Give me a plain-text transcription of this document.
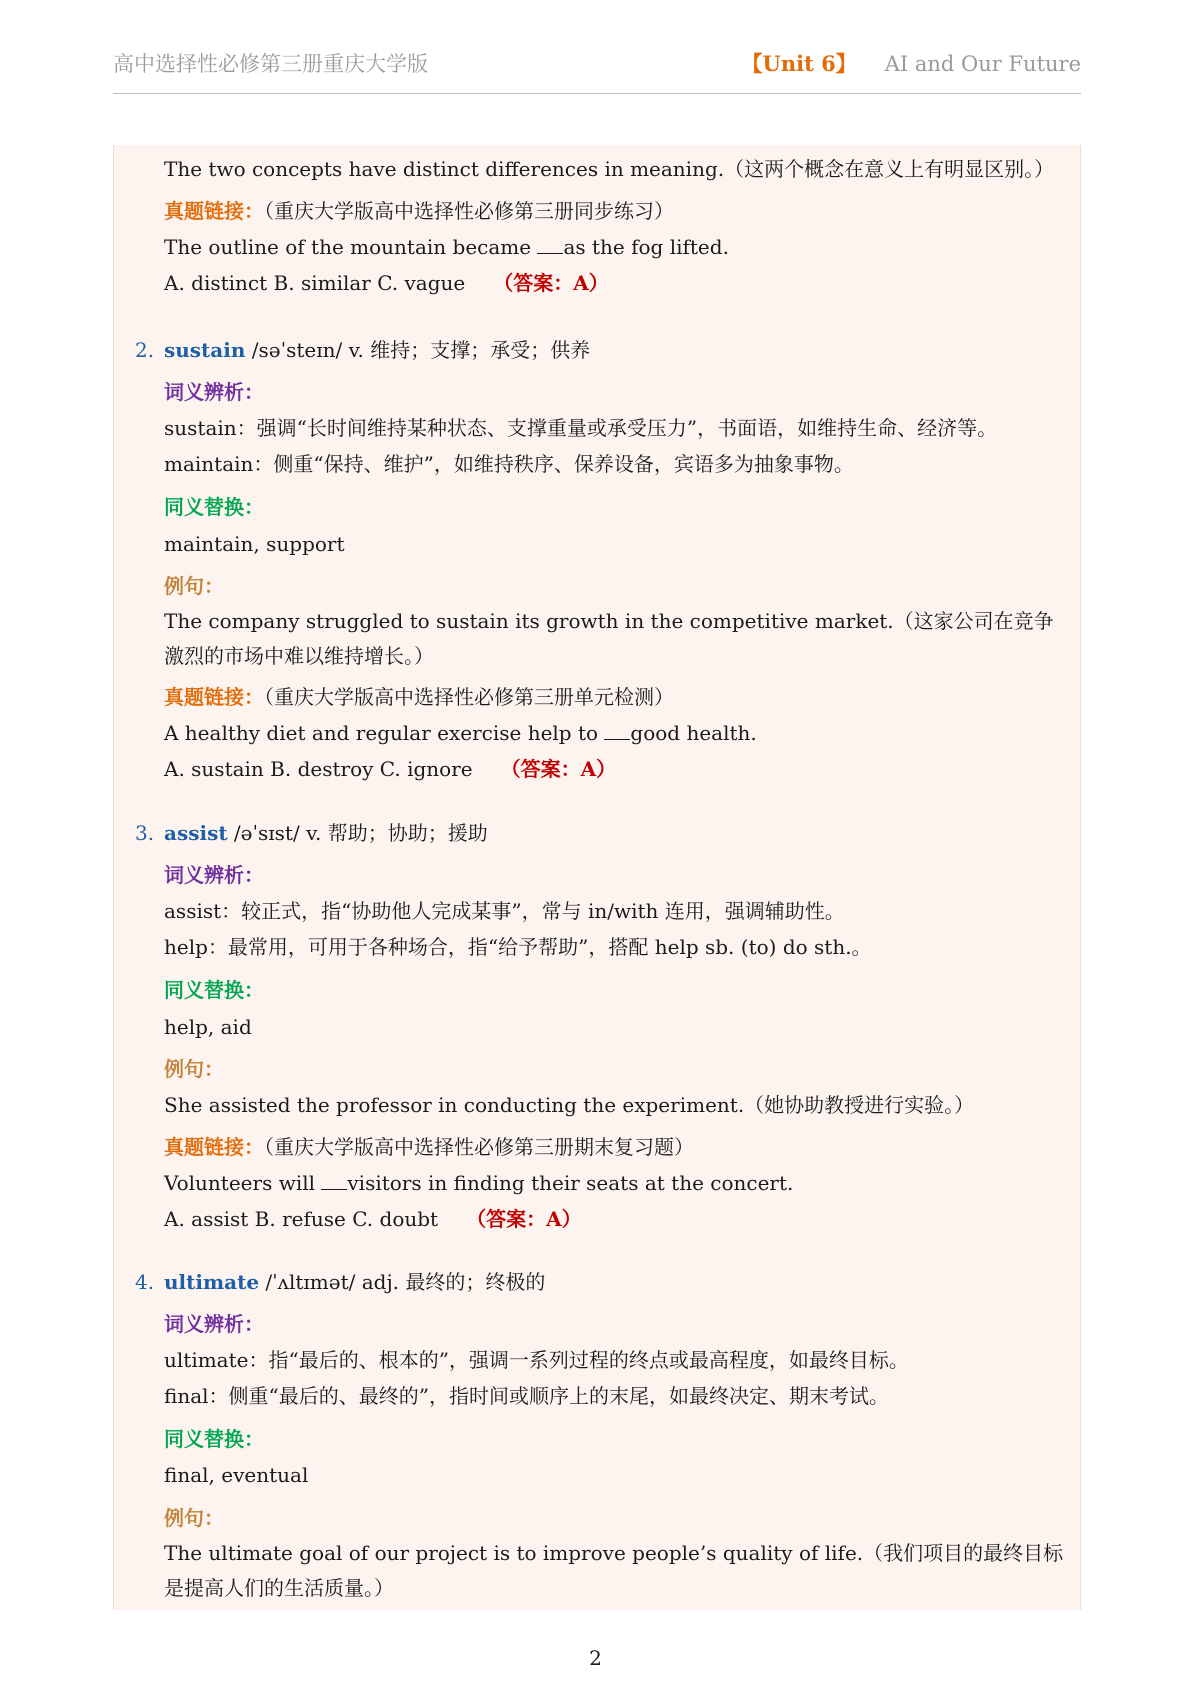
高中选择性必修第三册重庆大学版	【Unit 6】 AI and Our Future
The two concepts have distinct differences in meaning.（这两个概念在意义上有明显区别。）
真题链接：（重庆大学版高中选择性必修第三册同步练习）
The outline of the mountain became as the fog lifted.
A. distinct B. similar C. vague （答案：A）
2. sustain /səˈsteɪn/ v. 维持；支撑；承受；供养
词义辨析：
sustain：强调“长时间维持某种状态、支撑重量或承受压力”，书面语，如维持生命、经济等。
maintain：侧重“保持、维护”，如维持秩序、保养设备，宾语多为抽象事物。
同义替换：
maintain, support
例句：
The company struggled to sustain its growth in the competitive market.（这家公司在竞争激烈的市场中难以维持增长。）
真题链接：（重庆大学版高中选择性必修第三册单元检测）
A healthy diet and regular exercise help to good health.
A. sustain B. destroy C. ignore （答案：A）
3. assist /əˈsɪst/ v. 帮助；协助；援助
词义辨析：
assist：较正式，指“协助他人完成某事”，常与 in/with 连用，强调辅助性。
help：最常用，可用于各种场合，指“给予帮助”，搭配 help sb. (to) do sth.。
同义替换：
help, aid
例句：
She assisted the professor in conducting the experiment.（她协助教授进行实验。）
真题链接：（重庆大学版高中选择性必修第三册期末复习题）
Volunteers will visitors in finding their seats at the concert.
A. assist B. refuse C. doubt （答案：A）
4. ultimate /ˈʌltɪmət/ adj. 最终的；终极的
词义辨析：
ultimate：指“最后的、根本的”，强调一系列过程的终点或最高程度，如最终目标。
final：侧重“最后的、最终的”，指时间或顺序上的末尾，如最终决定、期末考试。
同义替换：
final, eventual
例句：
The ultimate goal of our project is to improve people’s quality of life.（我们项目的最终目标是提高人们的生活质量。）
2
